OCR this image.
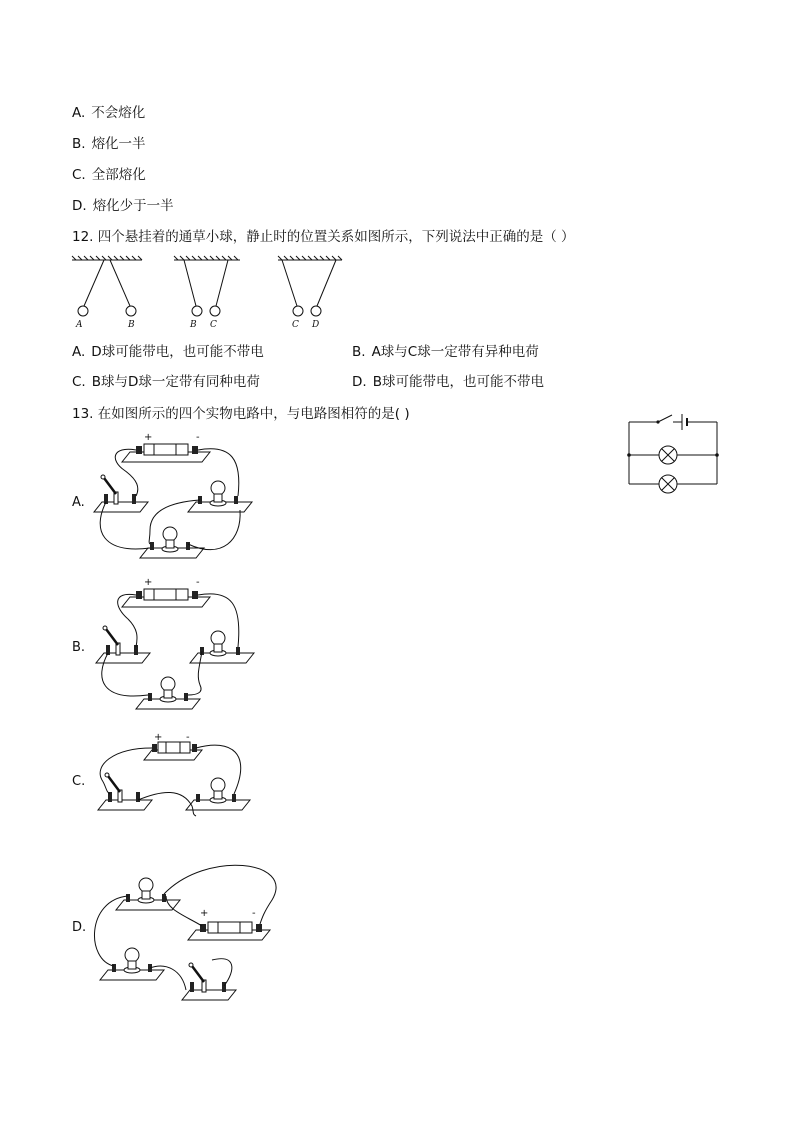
A. 不会熔化
B. 熔化一半
C. 全部熔化
D. 熔化少于一半
12. 四个悬挂着的通草小球，静止时的位置关系如图所示，下列说法中正确的是（ ）
A	B	B C	C D
A. D球可能带电，也可能不带电	B. A球与C球一定带有异种电荷
C. B球与D球一定带有同种电荷	D. B球可能带电，也可能不带电
13. 在如图所示的四个实物电路中，与电路图相符的是( )
A.
B.
C.
D.
+	-
+	-
+ -
+	-
